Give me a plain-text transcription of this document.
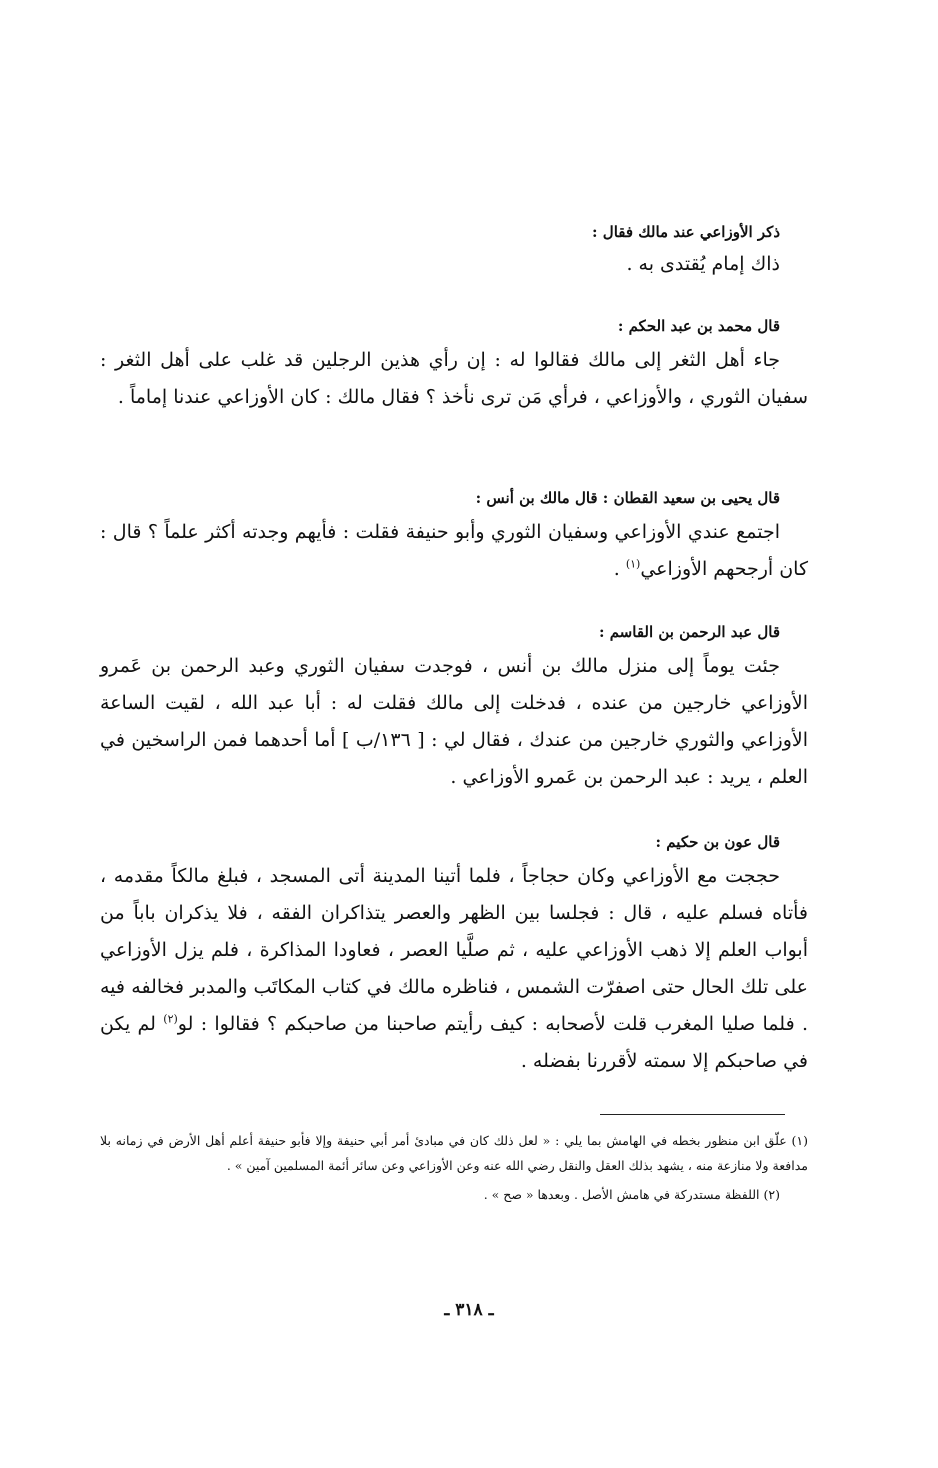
ذكر الأوزاعي عند مالك فقال :

ذاك إمام يُقتدى به .

قال محمد بن عبد الحكم :

جاء أهل الثغر إلى مالك فقالوا له : إن رأي هذين الرجلين قد غلب على أهل الثغر : سفيان الثوري ، والأوزاعي ، فرأي مَن ترى نأخذ ؟ فقال مالك : كان الأوزاعي عندنا إماماً .

قال يحيى بن سعيد القطان : قال مالك بن أنس :

اجتمع عندي الأوزاعي وسفيان الثوري وأبو حنيفة فقلت : فأيهم وجدته أكثر علماً ؟ قال : كان أرجحهم الأوزاعي$^{(١)}$ .

قال عبد الرحمن بن القاسم :

جئت يوماً إلى منزل مالك بن أنس ، فوجدت سفيان الثوري وعبد الرحمن بن عَمرو الأوزاعي خارجين من عنده ، فدخلت إلى مالك فقلت له : أبا عبد الله ، لقيت الساعة الأوزاعي والثوري خارجين من عندك ، فقال لي : [ ١٣٦/ب ] أما أحدهما فمن الراسخين في العلم ، يريد : عبد الرحمن بن عَمرو الأوزاعي .

قال عون بن حكيم :

حججت مع الأوزاعي وكان حجاجاً ، فلما أتينا المدينة أتى المسجد ، فبلغ مالكاً مقدمه ، فأتاه فسلم عليه ، قال : فجلسا بين الظهر والعصر يتذاكران الفقه ، فلا يذكران باباً من أبواب العلم إلا ذهب الأوزاعي عليه ، ثم صلَّيا العصر ، فعاودا المذاكرة ، فلم يزل الأوزاعي على تلك الحال حتى اصفرّت الشمس ، فناظره مالك في كتاب المكاتَب والمدبر فخالفه فيه . فلما صليا المغرب قلت لأصحابه : كيف رأيتم صاحبنا من صاحبكم ؟ فقالوا : لو$^{(٢)}$ لم يكن في صاحبكم إلا سمته لأقررنا بفضله .

(١) علّق ابن منظور بخطه في الهامش بما يلي : « لعل ذلك كان في مبادئ أمر أبي حنيفة وإلا فأبو حنيفة أعلم أهل الأرض في زمانه بلا مدافعة ولا منازعة منه ، يشهد بذلك العقل والنقل رضي الله عنه وعن الأوزاعي وعن سائر أئمة المسلمين آمين » .

(٢) اللفظة مستدركة في هامش الأصل . وبعدها « صح » .

ـ ٣١٨ ـ
